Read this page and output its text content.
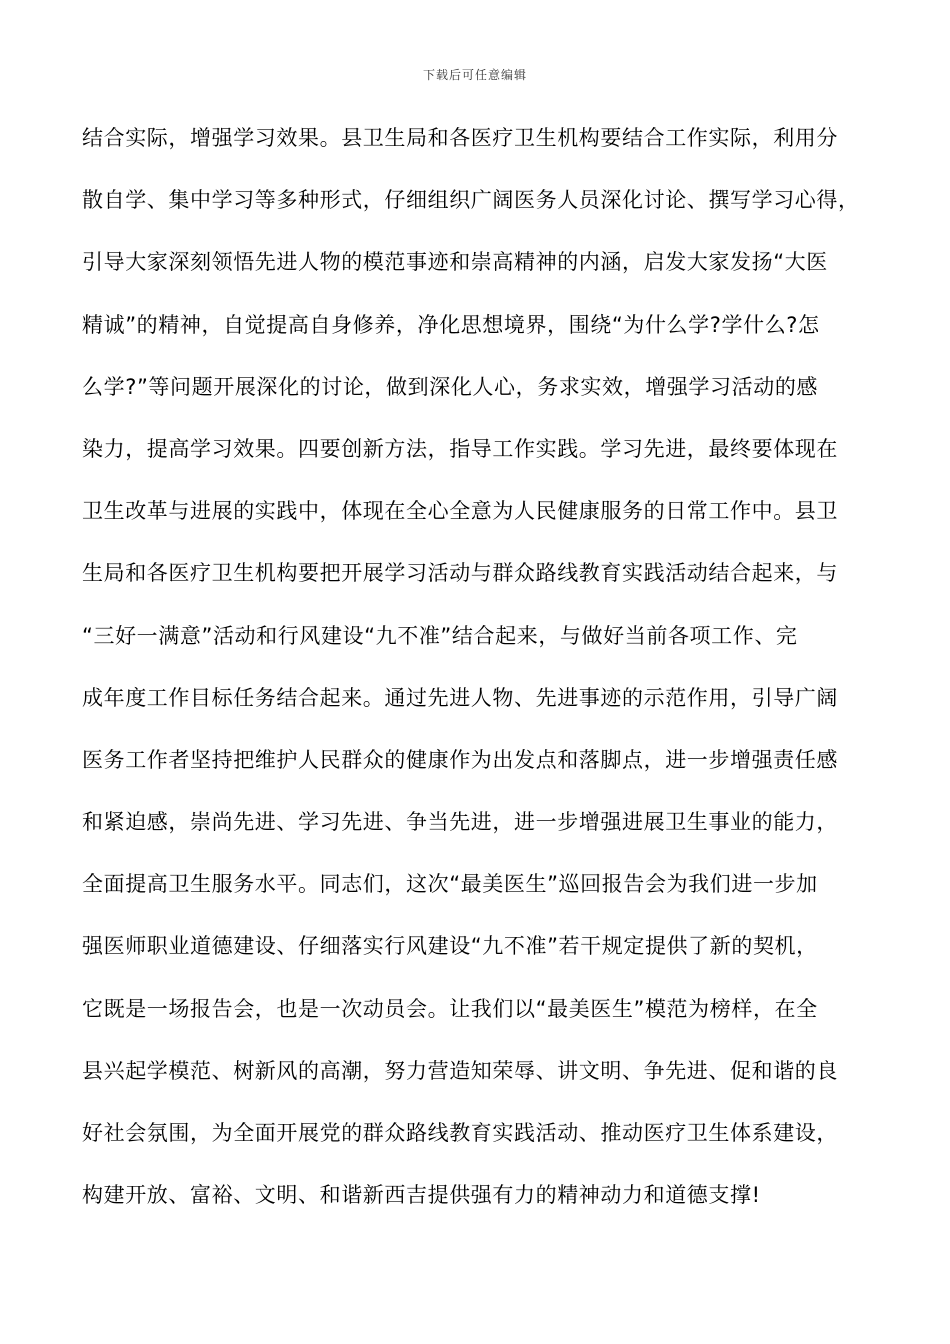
下载后可任意编辑
结合实际，增强学习效果。县卫生局和各医疗卫生机构要结合工作实际，利用分
散自学、集中学习等多种形式，仔细组织广阔医务人员深化讨论、撰写学习心得，
引导大家深刻领悟先进人物的模范事迹和崇高精神的内涵，启发大家发扬“大医
精诚”的精神，自觉提高自身修养，净化思想境界，围绕“为什么学?学什么?怎
么学?”等问题开展深化的讨论，做到深化人心，务求实效，增强学习活动的感
染力，提高学习效果。四要创新方法，指导工作实践。学习先进，最终要体现在
卫生改革与进展的实践中，体现在全心全意为人民健康服务的日常工作中。县卫
生局和各医疗卫生机构要把开展学习活动与群众路线教育实践活动结合起来，与
“三好一满意”活动和行风建设“九不准”结合起来，与做好当前各项工作、完
成年度工作目标任务结合起来。通过先进人物、先进事迹的示范作用，引导广阔
医务工作者坚持把维护人民群众的健康作为出发点和落脚点，进一步增强责任感
和紧迫感，崇尚先进、学习先进、争当先进，进一步增强进展卫生事业的能力，
全面提高卫生服务水平。同志们，这次“最美医生”巡回报告会为我们进一步加
强医师职业道德建设、仔细落实行风建设“九不准”若干规定提供了新的契机，
它既是一场报告会，也是一次动员会。让我们以“最美医生”模范为榜样，在全
县兴起学模范、树新风的高潮，努力营造知荣辱、讲文明、争先进、促和谐的良
好社会氛围，为全面开展党的群众路线教育实践活动、推动医疗卫生体系建设，
构建开放、富裕、文明、和谐新西吉提供强有力的精神动力和道德支撑!
